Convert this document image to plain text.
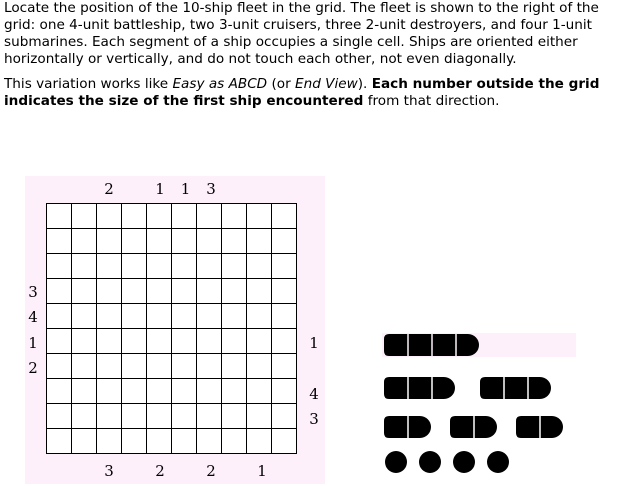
Locate the position of the 10-ship fleet in the grid. The fleet is shown to the right of the grid: one 4-unit battleship, two 3-unit cruisers, three 2-unit destroyers, and four 1-unit submarines. Each segment of a ship occupies a single cell. Ships are oriented either horizontally or vertically, and do not touch each other, not even diagonally.

This variation works like Easy as ABCD (or End View). Each number outside the grid indicates the size of the first ship encountered from that direction.

2	1	1	3
3	2	2	1
3
4
1
2
1
4
3
